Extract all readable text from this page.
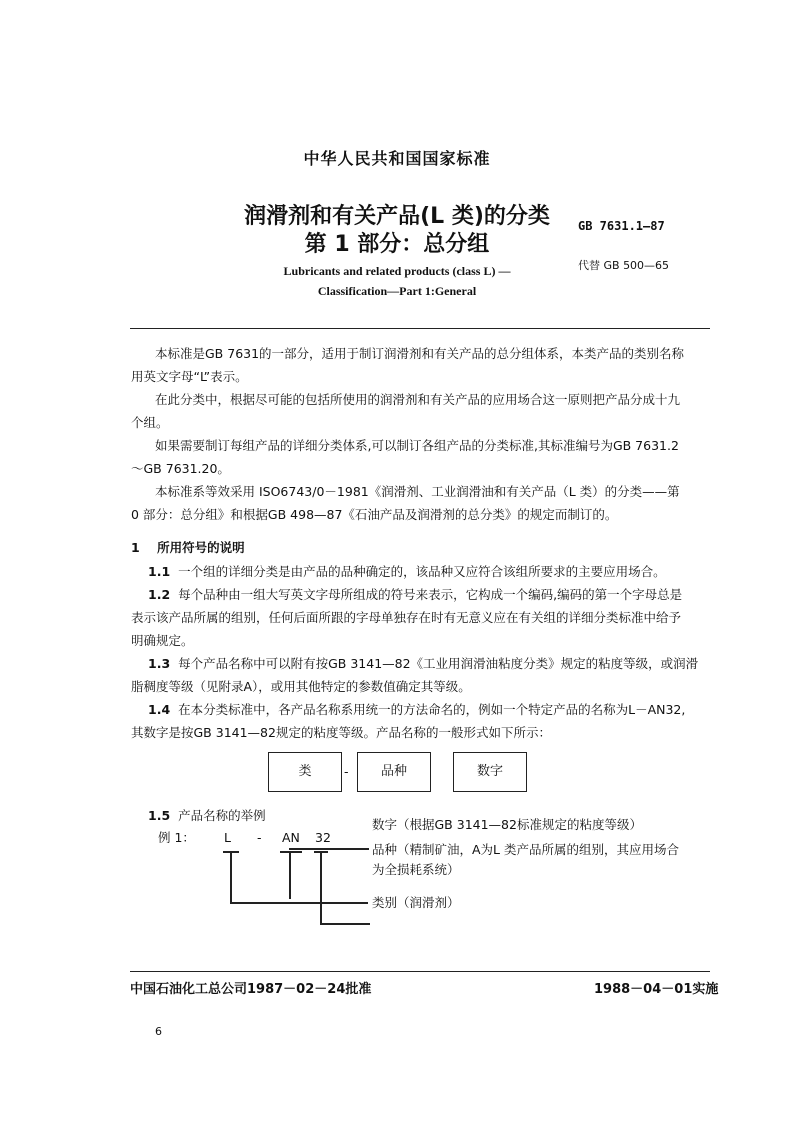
中华人民共和国国家标准
润滑剂和有关产品(L 类)的分类
第 1 部分：总分组
GB 7631.1—87
代替 GB 500—65
Lubricants and related products (class L) —
Classification—Part 1:General
本标准是GB 7631的一部分，适用于制订润滑剂和有关产品的总分组体系，本类产品的类别名称
用英文字母“L”表示。
在此分类中，根据尽可能的包括所使用的润滑剂和有关产品的应用场合这一原则把产品分成十九
个组。
如果需要制订每组产品的详细分类体系,可以制订各组产品的分类标准,其标准编号为GB 7631.2
～GB 7631.20。
本标准系等效采用 ISO6743/0－1981《润滑剂、工业润滑油和有关产品（L 类）的分类——第
0 部分：总分组》和根据GB 498—87《石油产品及润滑剂的总分类》的规定而制订的。
1 所用符号的说明
1.1 一个组的详细分类是由产品的品种确定的，该品种又应符合该组所要求的主要应用场合。
1.2 每个品种由一组大写英文字母所组成的符号来表示，它构成一个编码,编码的第一个字母总是
表示该产品所属的组别，任何后面所跟的字母单独存在时有无意义应在有关组的详细分类标准中给予
明确规定。
1.3 每个产品名称中可以附有按GB 3141—82《工业用润滑油粘度分类》规定的粘度等级，或润滑
脂稠度等级（见附录A），或用其他特定的参数值确定其等级。
1.4 在本分类标准中，各产品名称系用统一的方法命名的，例如一个特定产品的名称为L－AN32,
其数字是按GB 3141—82规定的粘度等级。产品名称的一般形式如下所示：
类	-	品种	数字
1.5 产品名称的举例
例 1： L - AN 32
数字（根据GB 3141—82标准规定的粘度等级）
品种（精制矿油，A为L 类产品所属的组别，其应用场合
为全损耗系统）
类别（润滑剂）
中国石油化工总公司1987－02－24批准	1988－04－01实施
6
